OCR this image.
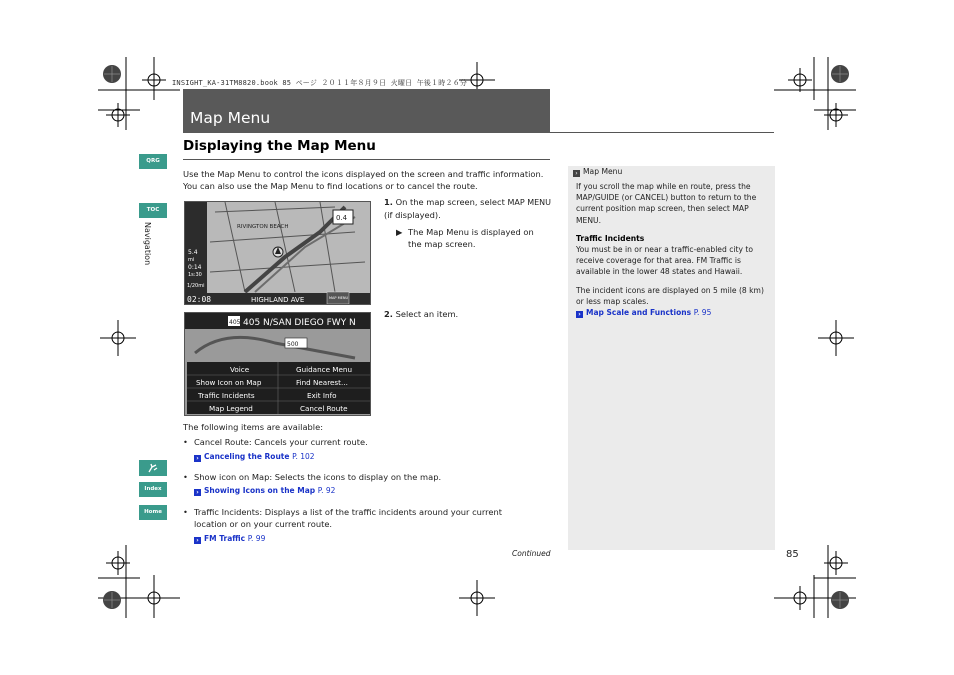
INSIGHT_KA-31TM8820.book 85 ページ ２０１１年８月９日 火曜日 午後１時２６分
Map Menu
Displaying the Map Menu
QRG
TOC
Navigation
Index
Home
Use the Map Menu to control the icons displayed on the screen and traffic information. You can also use the Map Menu to find locations or to cancel the route.
0.4
RIVINGTON BEACH
02:08	HIGHLAND AVE	MAP MENU
5.4
mi
0:14
1s:30
1/20mi
1. On the map screen, select MAP MENU (if displayed).
▶ The Map Menu is displayed on the map screen.
405 405 N/SAN DIEGO FWY N
500
Voice	Guidance Menu
Show Icon on Map	Find Nearest...
Traffic Incidents	Exit Info
Map Legend	Cancel Route
2. Select an item.
The following items are available:
• Cancel Route: Cancels your current route.
› Canceling the Route P. 102
• Show icon on Map: Selects the icons to display on the map.
› Showing Icons on the Map P. 92
• Traffic Incidents: Displays a list of the traffic incidents around your current location or on your current route.
› FM Traffic P. 99
Continued
› Map Menu
If you scroll the map while en route, press the MAP/GUIDE (or CANCEL) button to return to the current position map screen, then select MAP MENU.
Traffic Incidents
You must be in or near a traffic-enabled city to receive coverage for that area. FM Traffic is available in the lower 48 states and Hawaii.
The incident icons are displayed on 5 mile (8 km) or less map scales.
› Map Scale and Functions P. 95
85
